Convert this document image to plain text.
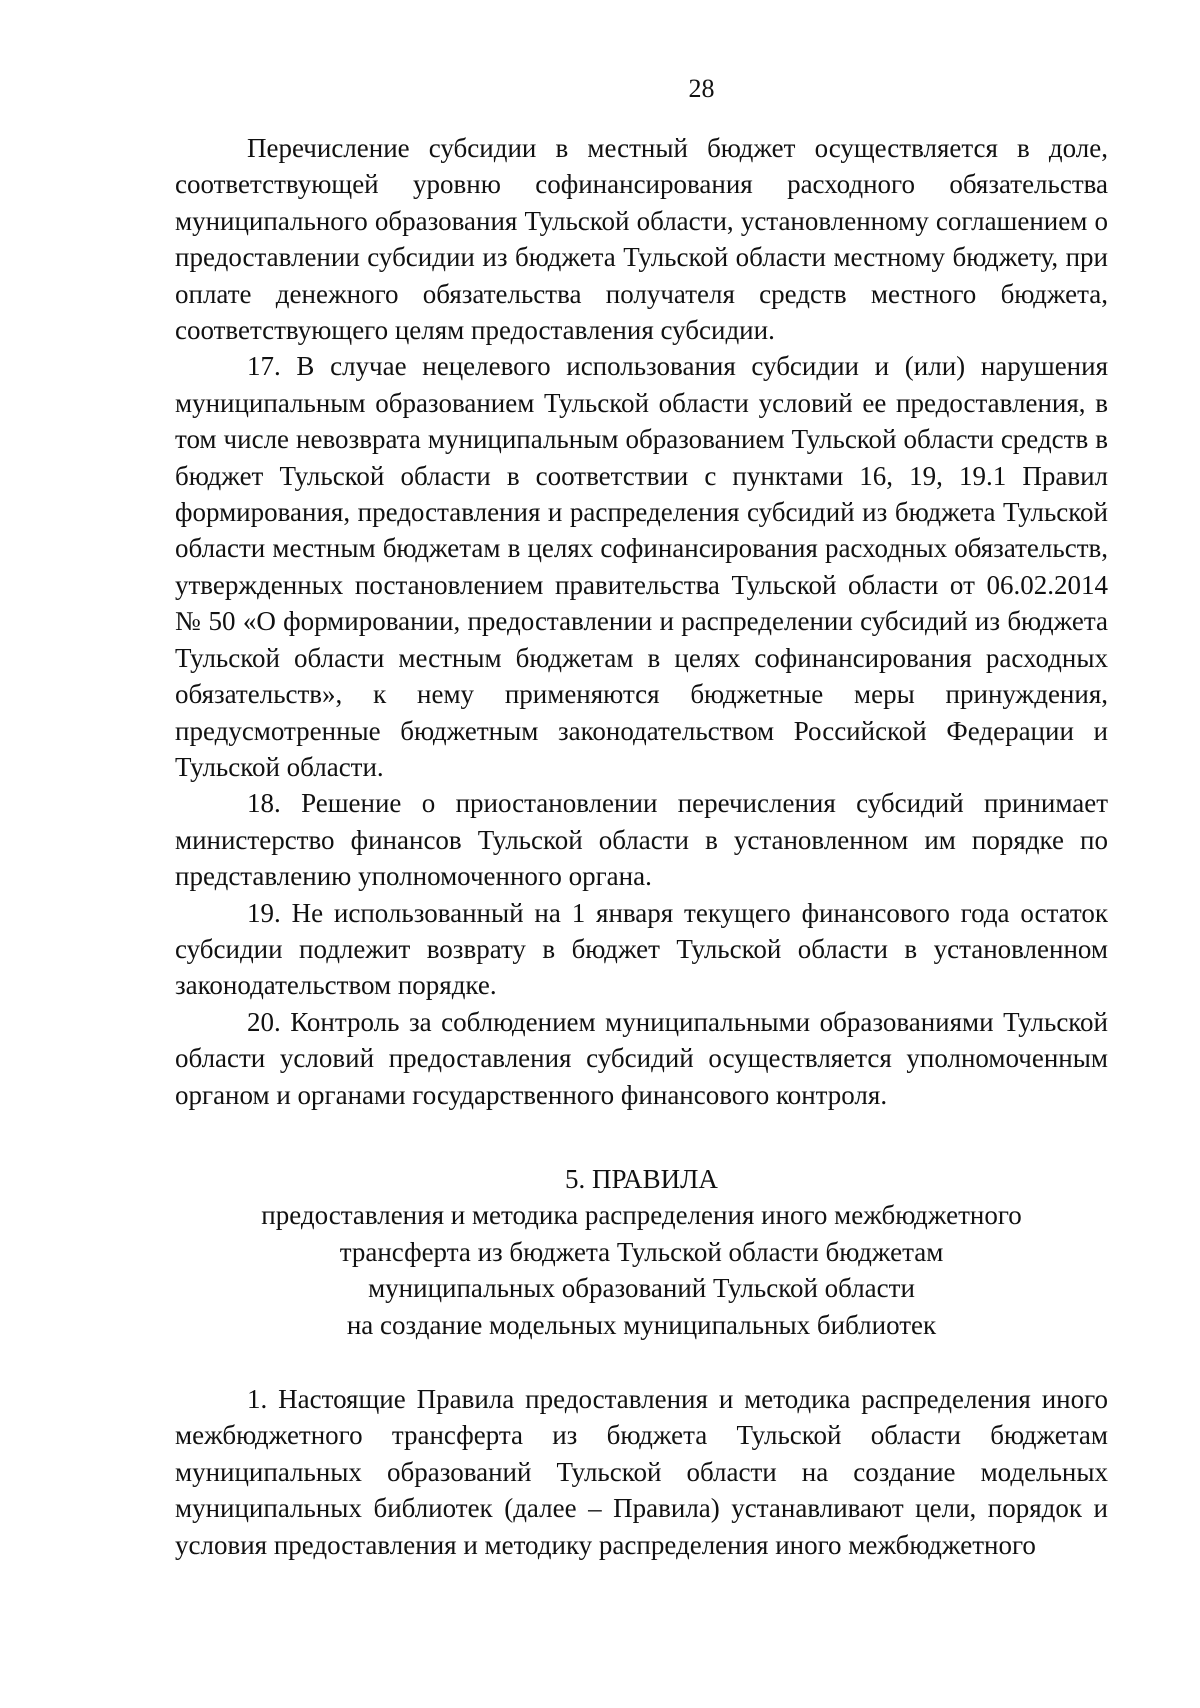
28

Перечисление субсидии в местный бюджет осуществляется в доле, соответствующей уровню софинансирования расходного обязательства муниципального образования Тульской области, установленному соглашением о предоставлении субсидии из бюджета Тульской области местному бюджету, при оплате денежного обязательства получателя средств местного бюджета, соответствующего целям предоставления субсидии.

17. В случае нецелевого использования субсидии и (или) нарушения муниципальным образованием Тульской области условий ее предоставления, в том числе невозврата муниципальным образованием Тульской области средств в бюджет Тульской области в соответствии с пунктами 16, 19, 19.1 Правил формирования, предоставления и распределения субсидий из бюджета Тульской области местным бюджетам в целях софинансирования расходных обязательств, утвержденных постановлением правительства Тульской области от 06.02.2014 № 50 «О формировании, предоставлении и распределении субсидий из бюджета Тульской области местным бюджетам в целях софинансирования расходных обязательств», к нему применяются бюджетные меры принуждения, предусмотренные бюджетным законодательством Российской Федерации и Тульской области.

18. Решение о приостановлении перечисления субсидий принимает министерство финансов Тульской области в установленном им порядке по представлению уполномоченного органа.

19. Не использованный на 1 января текущего финансового года остаток субсидии подлежит возврату в бюджет Тульской области в установленном законодательством порядке.

20. Контроль за соблюдением муниципальными образованиями Тульской области условий предоставления субсидий осуществляется уполномоченным органом и органами государственного финансового контроля.

5. ПРАВИЛА
предоставления и методика распределения иного межбюджетного
трансферта из бюджета Тульской области бюджетам
муниципальных образований Тульской области
на создание модельных муниципальных библиотек

1. Настоящие Правила предоставления и методика распределения иного межбюджетного трансферта из бюджета Тульской области бюджетам муниципальных образований Тульской области на создание модельных муниципальных библиотек (далее – Правила) устанавливают цели, порядок и условия предоставления и методику распределения иного межбюджетного
